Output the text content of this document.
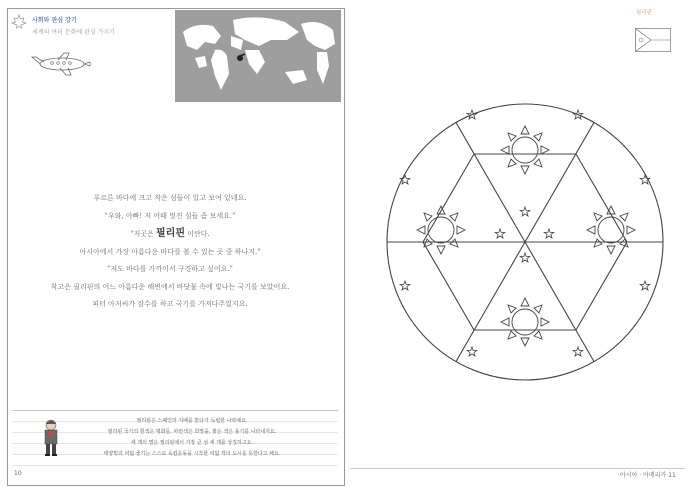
사회와 관심 강기
세계의 여러 문화에 관심 가지기

푸르른 바다에 크고 작은 섬들이 있고 보여 있네요.

"우와, 아빠! 저 어때 멋진 섬들 좀 보세요."

"저곳은 필리핀 이란다.

아시아에서 가장 아름다운 바다를 볼 수 있는 곳 중 하나지."

"저도 바다를 가까이서 구경하고 싶어요."

착고은 필리핀의 어느 아름다운 해변에서 바닷물 속에 빛나는 국기를 보았어요.

피터 아저씨가 잠수를 하고 국기를 가져다주었지요.

필리핀은 스페인의 지배를 받다가 독립한 나라예요.

필리핀 국기의 흰색은 평화를, 파란색은 희망을, 붉은 색은 용기를 나타내지요.

세 개의 별은 필리핀에서 가장 큰 섬 세 개를 상징하고요,

태양빛의 여덟 줄기는 스스로 독립운동을 시작한 여덟 개의 도시를 뜻한다고 해요.

10
필리핀
아시아 · 아메리카 11
